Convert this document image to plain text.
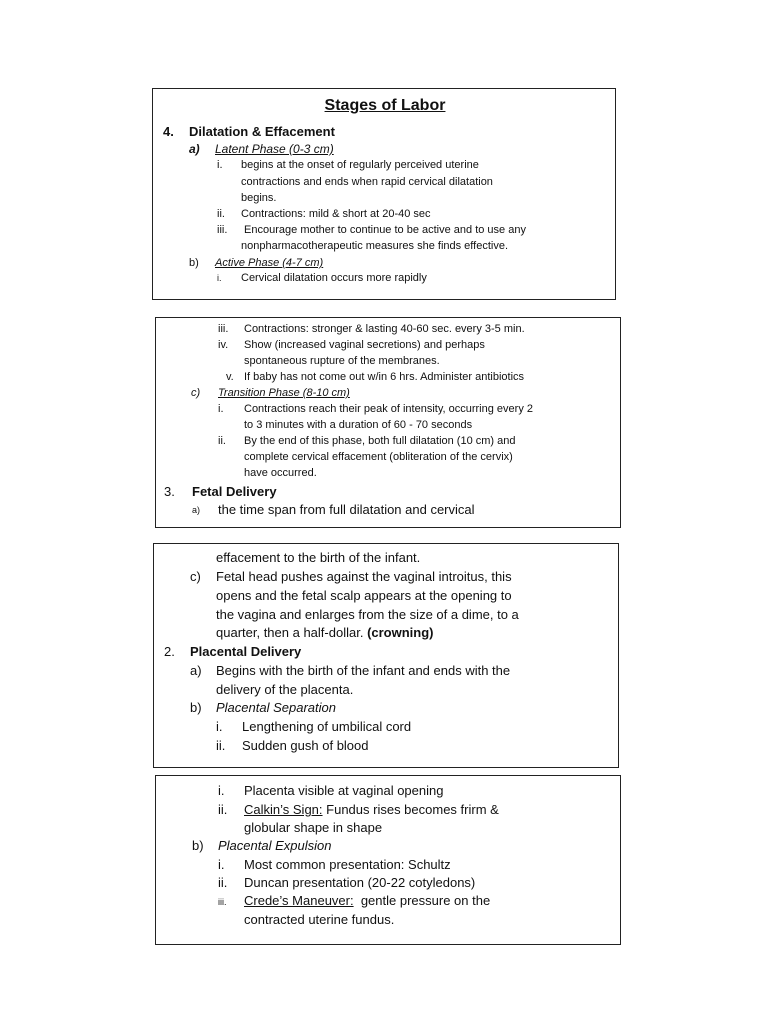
Stages of Labor
4. Dilatation & Effacement
a) Latent Phase (0-3 cm)
i. begins at the onset of regularly perceived uterine
contractions and ends when rapid cervical dilatation
begins.
ii. Contractions: mild & short at 20-40 sec
iii. Encourage mother to continue to be active and to use any
nonpharmacotherapeutic measures she finds effective.
b) Active Phase (4-7 cm)
i. Cervical dilatation occurs more rapidly
iii. Contractions: stronger & lasting 40-60 sec. every 3-5 min.
iv. Show (increased vaginal secretions) and perhaps
spontaneous rupture of the membranes.
v. If baby has not come out w/in 6 hrs. Administer antibiotics
c) Transition Phase (8-10 cm)
i. Contractions reach their peak of intensity, occurring every 2
to 3 minutes with a duration of 60 - 70 seconds
ii. By the end of this phase, both full dilatation (10 cm) and
complete cervical effacement (obliteration of the cervix)
have occurred.
3. Fetal Delivery
a) the time span from full dilatation and cervical
effacement to the birth of the infant.
c) Fetal head pushes against the vaginal introitus, this
opens and the fetal scalp appears at the opening to
the vagina and enlarges from the size of a dime, to a
quarter, then a half-dollar. (crowning)
2. Placental Delivery
a) Begins with the birth of the infant and ends with the
delivery of the placenta.
b) Placental Separation
i. Lengthening of umbilical cord
ii. Sudden gush of blood
i. Placenta visible at vaginal opening
ii. Calkin’s Sign: Fundus rises becomes frirm &
globular shape in shape
b) Placental Expulsion
i. Most common presentation: Schultz
ii. Duncan presentation (20-22 cotyledons)
iii. Crede’s Maneuver:  gentle pressure on the
contracted uterine fundus.
